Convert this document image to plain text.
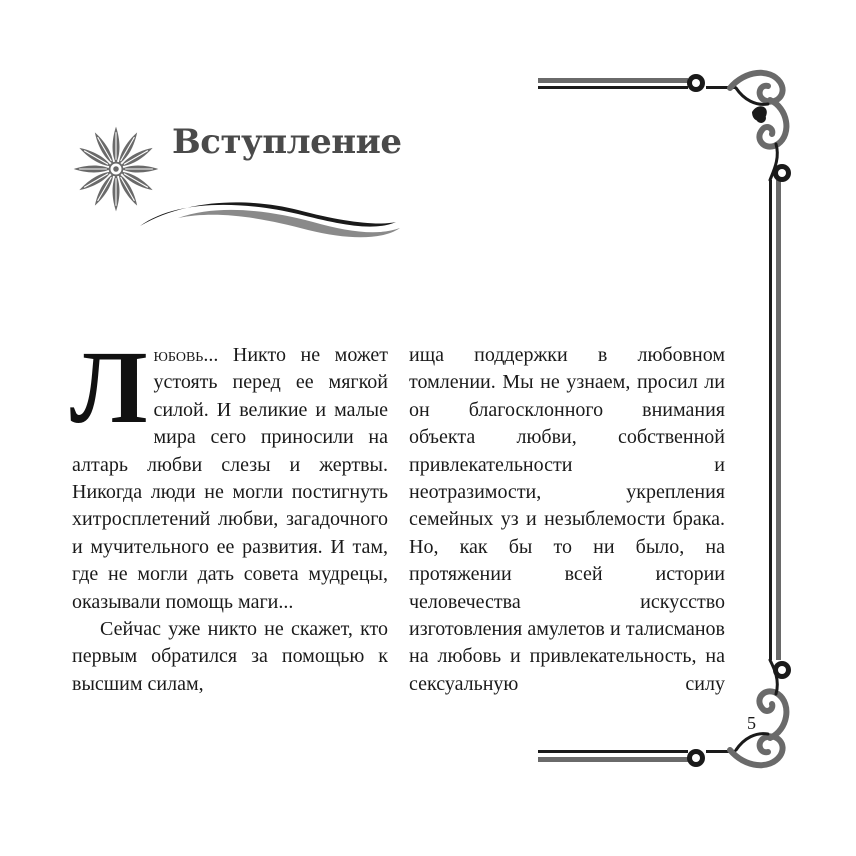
Вступление

Любовь... Никто не может устоять перед ее мягкой силой. И великие и малые мира сего приносили на алтарь любви слезы и жертвы. Никогда люди не могли постигнуть хитросплетений любви, загадочного и мучительного ее развития. И там, где не могли дать совета мудрецы, оказывали помощь маги...

Сейчас уже никто не скажет, кто первым обратился за помощью к высшим силам,

ища поддержки в любовном томлении. Мы не узнаем, просил ли он благосклонного внимания объекта любви, собственной привлекательности и неотразимости, укрепления семейных уз и незыблемости брака. Но, как бы то ни было, на протяжении всей истории человечества искусство изготовления амулетов и талисманов на любовь и привлекательность, на сексуальную силу

5
